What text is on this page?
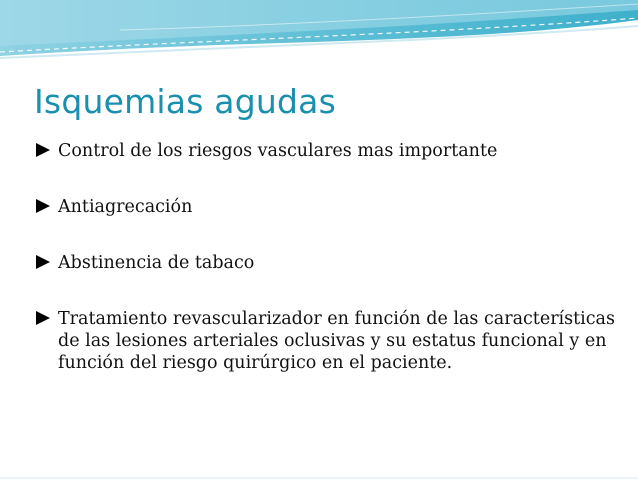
Isquemias agudas
Control de los riesgos vasculares mas importante
Antiagrecación
Abstinencia de tabaco
Tratamiento revascularizador en función de las características de las lesiones arteriales oclusivas y su estatus funcional y en función del riesgo quirúrgico en el paciente.
